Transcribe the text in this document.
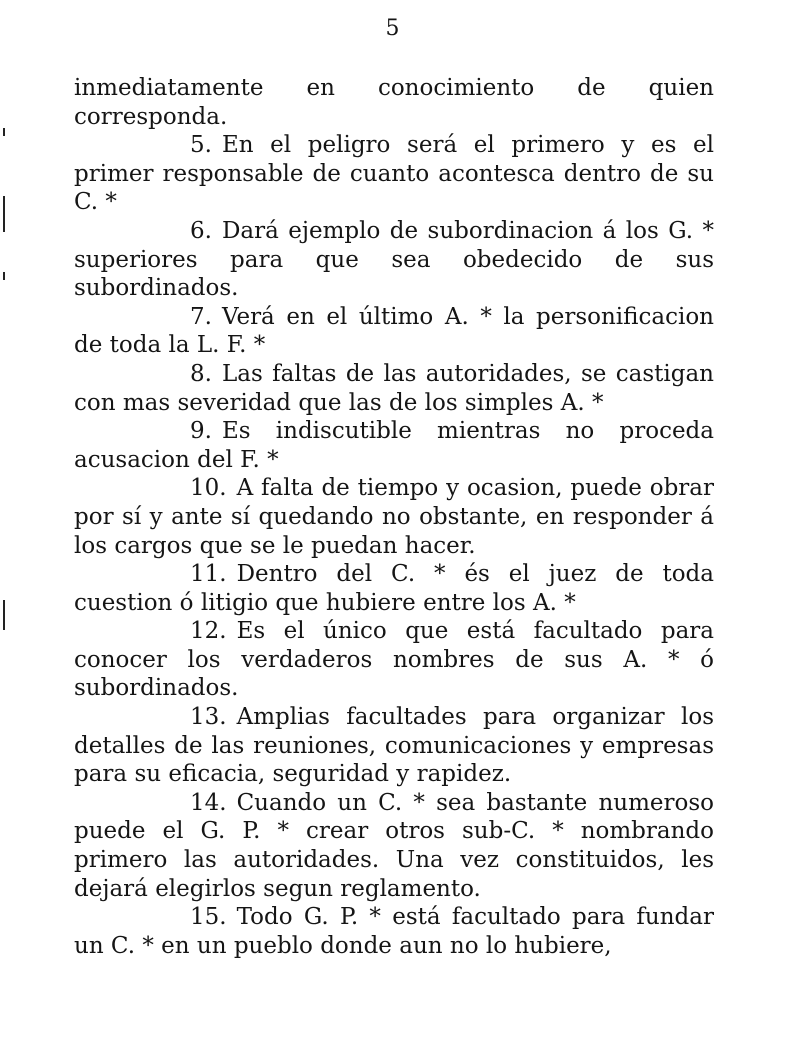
5

inmediatamente en conocimiento de quien corresponda.

5. En el peligro será el primero y es el primer responsable de cuanto acontesca dentro de su C. *

6. Dará ejemplo de subordinacion á los G. * superiores para que sea obedecido de sus subordinados.

7. Verá en el último A. * la personificacion de toda la L. F. *

8. Las faltas de las autoridades, se castigan con mas severidad que las de los simples A. *

9. Es indiscutible mientras no proceda acusacion del F. *

10. A falta de tiempo y ocasion, puede obrar por sí y ante sí quedando no obstante, en responder á los cargos que se le puedan hacer.

11. Dentro del C. * és el juez de toda cuestion ó litigio que hubiere entre los A. *

12. Es el único que está facultado para conocer los verdaderos nombres de sus A. * ó subordinados.

13. Amplias facultades para organizar los detalles de las reuniones, comunicaciones y empresas para su eficacia, seguridad y rapidez.

14. Cuando un C. * sea bastante numeroso puede el G. P. * crear otros sub-C. * nombrando primero las autoridades. Una vez constituidos, les dejará elegirlos segun reglamento.

15. Todo G. P. * está facultado para fundar un C. * en un pueblo donde aun no lo hubiere,
